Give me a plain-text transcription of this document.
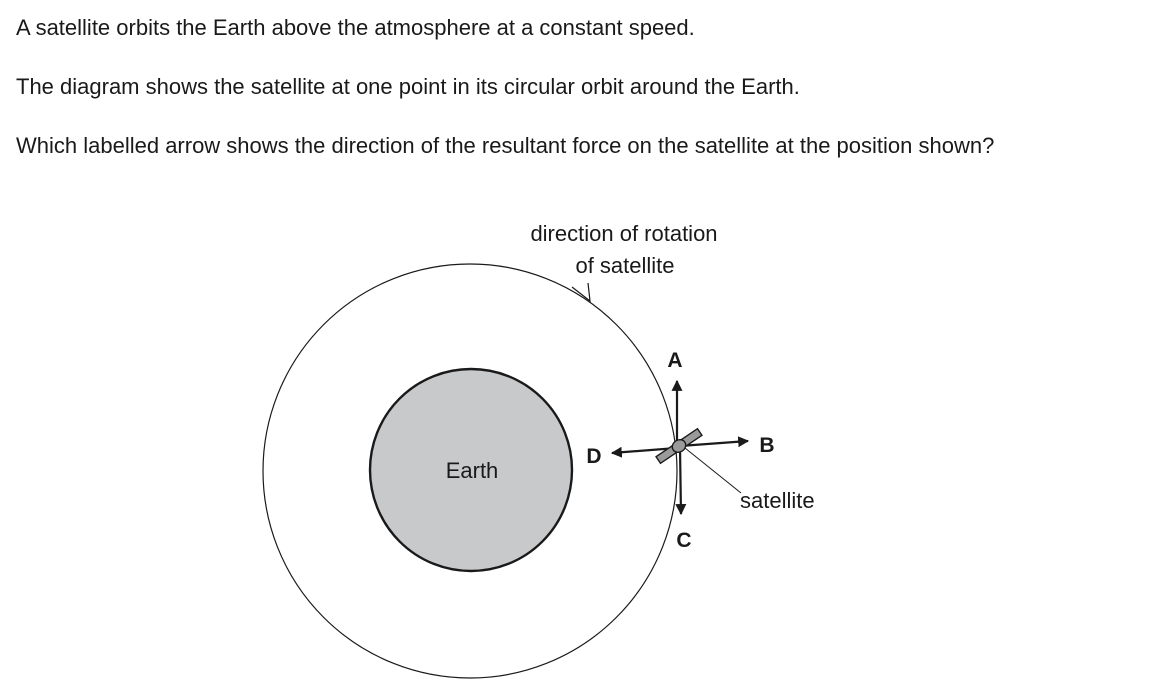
A satellite orbits the Earth above the atmosphere at a constant speed.

The diagram shows the satellite at one point in its circular orbit around the Earth.

Which labelled arrow shows the direction of the resultant force on the satellite at the position shown?

Earth
direction of rotation
of satellite
satellite
A
B
C
D
